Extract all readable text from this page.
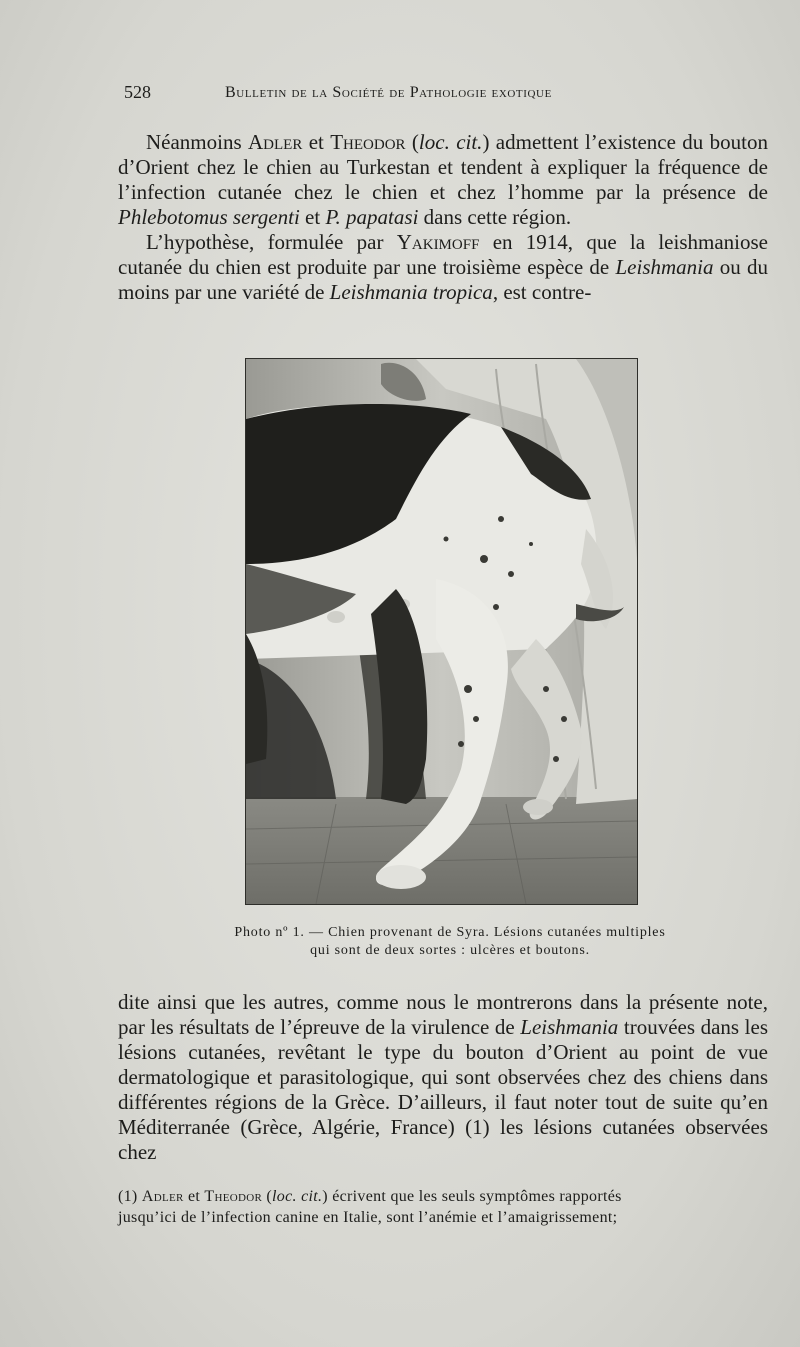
528	Bulletin de la Société de Pathologie exotique

Néanmoins Adler et Theodor (loc. cit.) admettent l’existence du bouton d’Orient chez le chien au Turkestan et tendent à expliquer la fréquence de l’infection cutanée chez le chien et chez l’homme par la présence de Phlebotomus sergenti et P. papatasi dans cette région.

L’hypothèse, formulée par Yakimoff en 1914, que la leishmaniose cutanée du chien est produite par une troisième espèce de Leishmania ou du moins par une variété de Leishmania tropica, est contre-

Photo nº 1. — Chien provenant de Syra. Lésions cutanées multiples
qui sont de deux sortes : ulcères et boutons.

dite ainsi que les autres, comme nous le montrerons dans la présente note, par les résultats de l’épreuve de la virulence de Leishmania trouvées dans les lésions cutanées, revêtant le type du bouton d’Orient au point de vue dermatologique et parasitologique, qui sont observées chez des chiens dans différentes régions de la Grèce. D’ailleurs, il faut noter tout de suite qu’en Méditerranée (Grèce, Algérie, France) (1) les lésions cutanées observées chez

(1) Adler et Theodor (loc. cit.) écrivent que les seuls symptômes rapportés
jusqu’ici de l’infection canine en Italie, sont l’anémie et l’amaigrissement;
